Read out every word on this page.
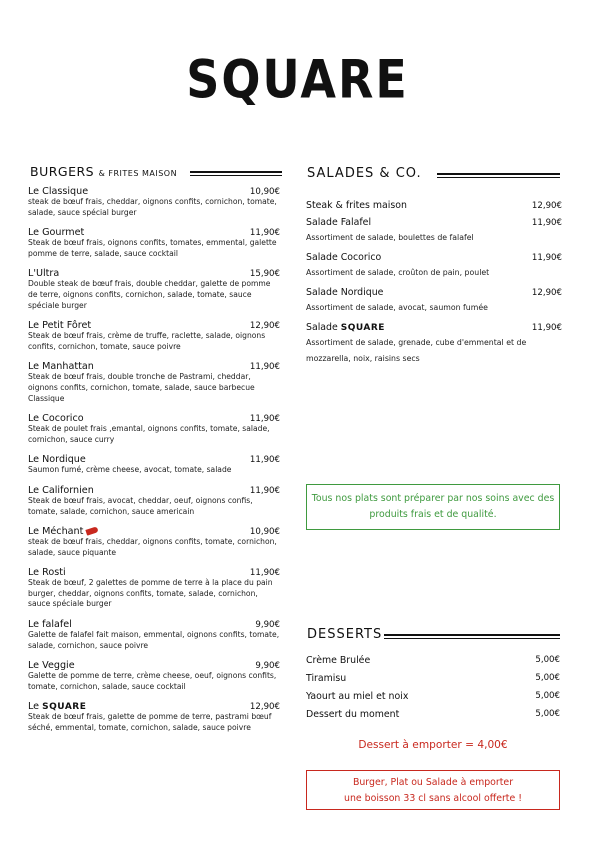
SQUARE
BURGERS & FRITES MAISON
Le Classique	10,90€
steak de bœuf frais, cheddar, oignons confits, cornichon, tomate, salade, sauce spécial burger
Le Gourmet	11,90€
Steak de bœuf frais, oignons confits, tomates, emmental, galette pomme de terre, salade, sauce cocktail
L'Ultra	15,90€
Double steak de bœuf frais, double cheddar, galette de pomme de terre, oignons confits, cornichon, salade, tomate, sauce spéciale burger
Le Petit Fôret	12,90€
Steak de bœuf frais, crème de truffe, raclette, salade, oignons confits, cornichon, tomate, sauce poivre
Le Manhattan	11,90€
Steak de bœuf frais, double tronche de Pastrami, cheddar, oignons confits, cornichon, tomate, salade, sauce barbecue Classique
Le Cocorico	11,90€
Steak de poulet frais ,emantal, oignons confits, tomate, salade, cornichon, sauce curry
Le Nordique	11,90€
Saumon fumé, crème cheese, avocat, tomate, salade
Le Californien	11,90€
Steak de bœuf frais, avocat, cheddar, oeuf, oignons confis, tomate, salade, cornichon, sauce americain
Le Méchant	10,90€
steak de bœuf frais, cheddar, oignons confits, tomate, cornichon, salade, sauce piquante
Le Rosti	11,90€
Steak de bœuf, 2 galettes de pomme de terre à la place du pain burger, cheddar, oignons confits, tomate, salade, cornichon, sauce spéciale burger
Le falafel	9,90€
Galette de falafel fait maison, emmental, oignons confits, tomate, salade, cornichon, sauce poivre
Le Veggie	9,90€
Galette de pomme de terre, crème cheese, oeuf, oignons confits, tomate, cornichon, salade, sauce cocktail
Le SQUARE	12,90€
Steak de bœuf frais, galette de pomme de terre, pastrami bœuf séché, emmental, tomate, cornichon, salade, sauce poivre
SALADES & CO.
Steak & frites maison	12,90€
Salade Falafel	11,90€
Assortiment de salade, boulettes de falafel
Salade Cocorico	11,90€
Assortiment de salade, croûton de pain, poulet
Salade Nordique	12,90€
Assortiment de salade, avocat, saumon fumée
Salade SQUARE	11,90€
Assortiment de salade, grenade, cube d'emmental et de mozzarella, noix, raisins secs
Tous nos plats sont préparer par nos soins avec des produits frais et de qualité.
DESSERTS
Crème Brulée	5,00€
Tiramisu	5,00€
Yaourt au miel et noix	5,00€
Dessert du moment	5,00€
Dessert à emporter = 4,00€
Burger, Plat ou Salade à emporter
une boisson 33 cl sans alcool offerte !
